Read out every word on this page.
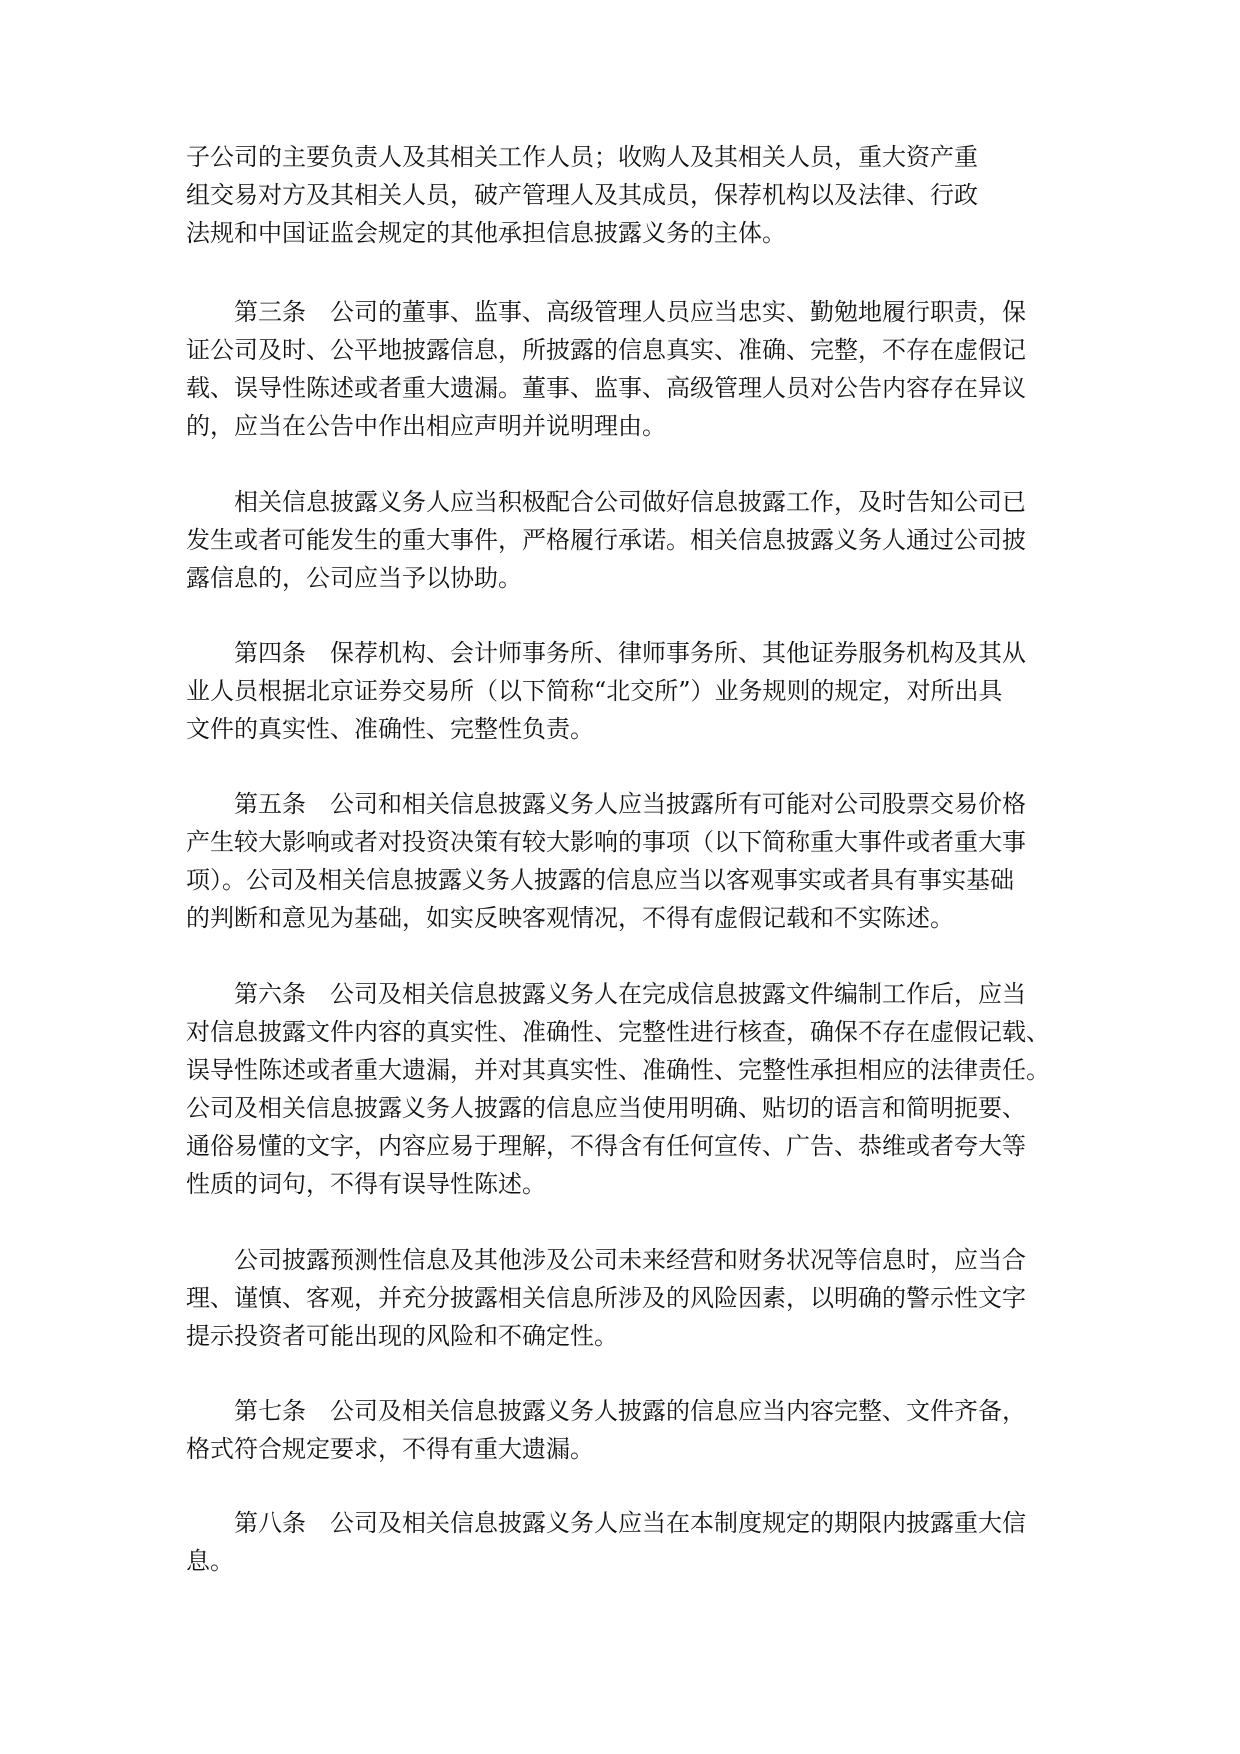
子公司的主要负责人及其相关工作人员；收购人及其相关人员，重大资产重
组交易对方及其相关人员，破产管理人及其成员，保荐机构以及法律、行政
法规和中国证监会规定的其他承担信息披露义务的主体。
第三条　公司的董事、监事、高级管理人员应当忠实、勤勉地履行职责，保
证公司及时、公平地披露信息，所披露的信息真实、准确、完整，不存在虚假记
载、误导性陈述或者重大遗漏。董事、监事、高级管理人员对公告内容存在异议
的，应当在公告中作出相应声明并说明理由。
相关信息披露义务人应当积极配合公司做好信息披露工作，及时告知公司已
发生或者可能发生的重大事件，严格履行承诺。相关信息披露义务人通过公司披
露信息的，公司应当予以协助。
第四条　保荐机构、会计师事务所、律师事务所、其他证券服务机构及其从
业人员根据北京证券交易所（以下简称“北交所”）业务规则的规定，对所出具
文件的真实性、准确性、完整性负责。
第五条　公司和相关信息披露义务人应当披露所有可能对公司股票交易价格
产生较大影响或者对投资决策有较大影响的事项（以下简称重大事件或者重大事
项）。公司及相关信息披露义务人披露的信息应当以客观事实或者具有事实基础
的判断和意见为基础，如实反映客观情况，不得有虚假记载和不实陈述。
第六条　公司及相关信息披露义务人在完成信息披露文件编制工作后，应当
对信息披露文件内容的真实性、准确性、完整性进行核查，确保不存在虚假记载、
误导性陈述或者重大遗漏，并对其真实性、准确性、完整性承担相应的法律责任。
公司及相关信息披露义务人披露的信息应当使用明确、贴切的语言和简明扼要、
通俗易懂的文字，内容应易于理解，不得含有任何宣传、广告、恭维或者夸大等
性质的词句，不得有误导性陈述。
公司披露预测性信息及其他涉及公司未来经营和财务状况等信息时，应当合
理、谨慎、客观，并充分披露相关信息所涉及的风险因素，以明确的警示性文字
提示投资者可能出现的风险和不确定性。
第七条　公司及相关信息披露义务人披露的信息应当内容完整、文件齐备，
格式符合规定要求，不得有重大遗漏。
第八条　公司及相关信息披露义务人应当在本制度规定的期限内披露重大信
息。
